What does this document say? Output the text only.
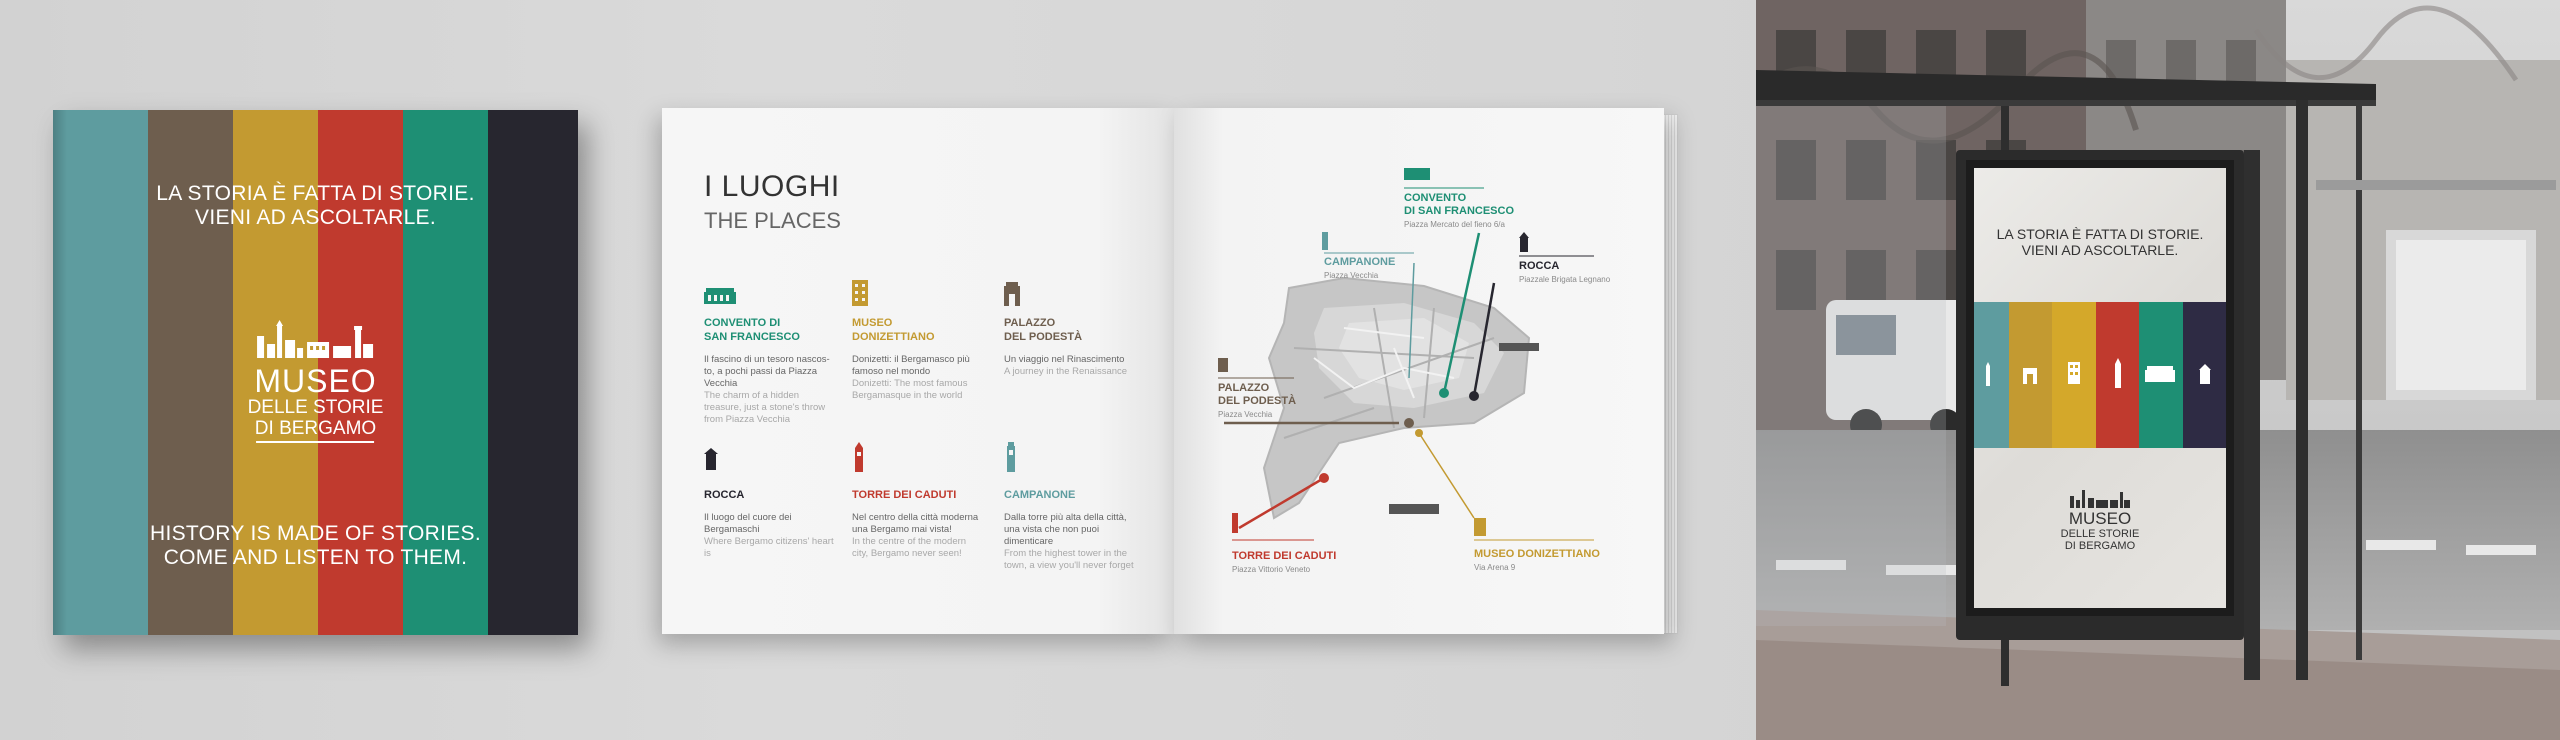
LA STORIA È FATTA DI STORIE.
VIENI AD ASCOLTARLE.
MUSEO
DELLE STORIE
DI BERGAMO
HISTORY IS MADE OF STORIES.
COME AND LISTEN TO THEM.
I LUOGHI
THE PLACES
CONVENTO DI
SAN FRANCESCO
Il fascino di un tesoro nascos- to, a pochi passi da Piazza Vecchia
The charm of a hidden treasure, just a stone's throw from Piazza Vecchia
MUSEO
DONIZETTIANO
Donizetti: il Bergamasco più famoso nel mondo
Donizetti: The most famous Bergamasque in the world
PALAZZO
DEL PODESTÀ
Un viaggio nel Rinascimento
A journey in the Renaissance
ROCCA
Il luogo del cuore dei Bergamaschi
Where Bergamo citizens' heart is
TORRE DEI CADUTI
Nel centro della città moderna una Bergamo mai vista!
In the centre of the modern city, Bergamo never seen!
CAMPANONE
Dalla torre più alta della città, una vista che non puoi dimenticare
From the highest tower in the town, a view you'll never forget
CONVENTO
DI SAN FRANCESCO
Piazza Mercato del fieno 6/a
CAMPANONE
Piazza Vecchia
ROCCA
Piazzale Brigata Legnano
PALAZZO
DEL PODESTÀ
Piazza Vecchia
TORRE DEI CADUTI
Piazza Vittorio Veneto
MUSEO DONIZETTIANO
Via Arena 9
LA STORIA È FATTA DI STORIE.
VIENI AD ASCOLTARLE.
MUSEO
DELLE STORIE
DI BERGAMO
